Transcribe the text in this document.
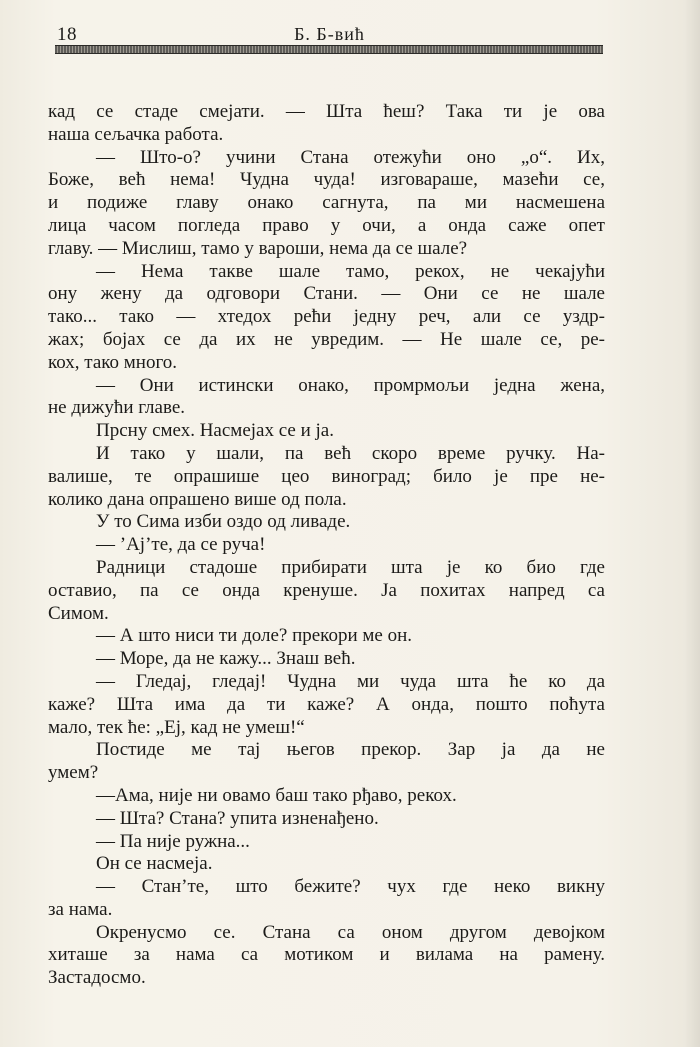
18	Б. Б-вић
кад се стаде смејати. — Шта ћеш? Така ти је ова
наша сељачка работа.
— Што-о? учини Стана отежући оно „о“. Их,
Боже, већ нема! Чудна чуда! изговараше, мазећи се,
и подиже главу онако сагнута, па ми насмешена
лица часом погледа право у очи, а онда саже опет
главу. — Мислиш, тамо у вароши, нема да се шале?
— Нема такве шале тамо, рекох, не чекајући
ону жену да одговори Стани. — Они се не шале
тако... тако — хтедох рећи једну реч, али се уздр-
жах; бојах се да их не увредим. — Не шале се, ре-
кох, тако много.
— Они истински онако, промрмољи једна жена,
не дижући главе.
Прсну смех. Насмејах се и ја.
И тако у шали, па већ скоро време ручку. На-
валише, те опрашише цео виноград; било је пре не-
колико дана опрашено више од пола.
У то Сима изби оздо од ливаде.
— ’Ај’те, да се руча!
Радници стадоше прибирати шта је ко био где
оставио, па се онда кренуше. Ја похитах напред са
Симом.
— А што ниси ти доле? прекори ме он.
— Море, да не кажу... Знаш већ.
— Гледај, гледај! Чудна ми чуда шта ће ко да
каже? Шта има да ти каже? А онда, пошто поћута
мало, тек ће: „Еј, кад не умеш!“
Постиде ме тај његов прекор. Зар ја да не
умем?
—Ама, није ни овамо баш тако рђаво, рекох.
— Шта? Стана? упита изненађено.
— Па није ружна...
Он се насмеја.
— Стан’те, што бежите? чух где неко викну
за нама.
Окренусмо се. Стана са оном другом девојком
хиташе за нама са мотиком и вилама на рамену.
Застадосмо.
